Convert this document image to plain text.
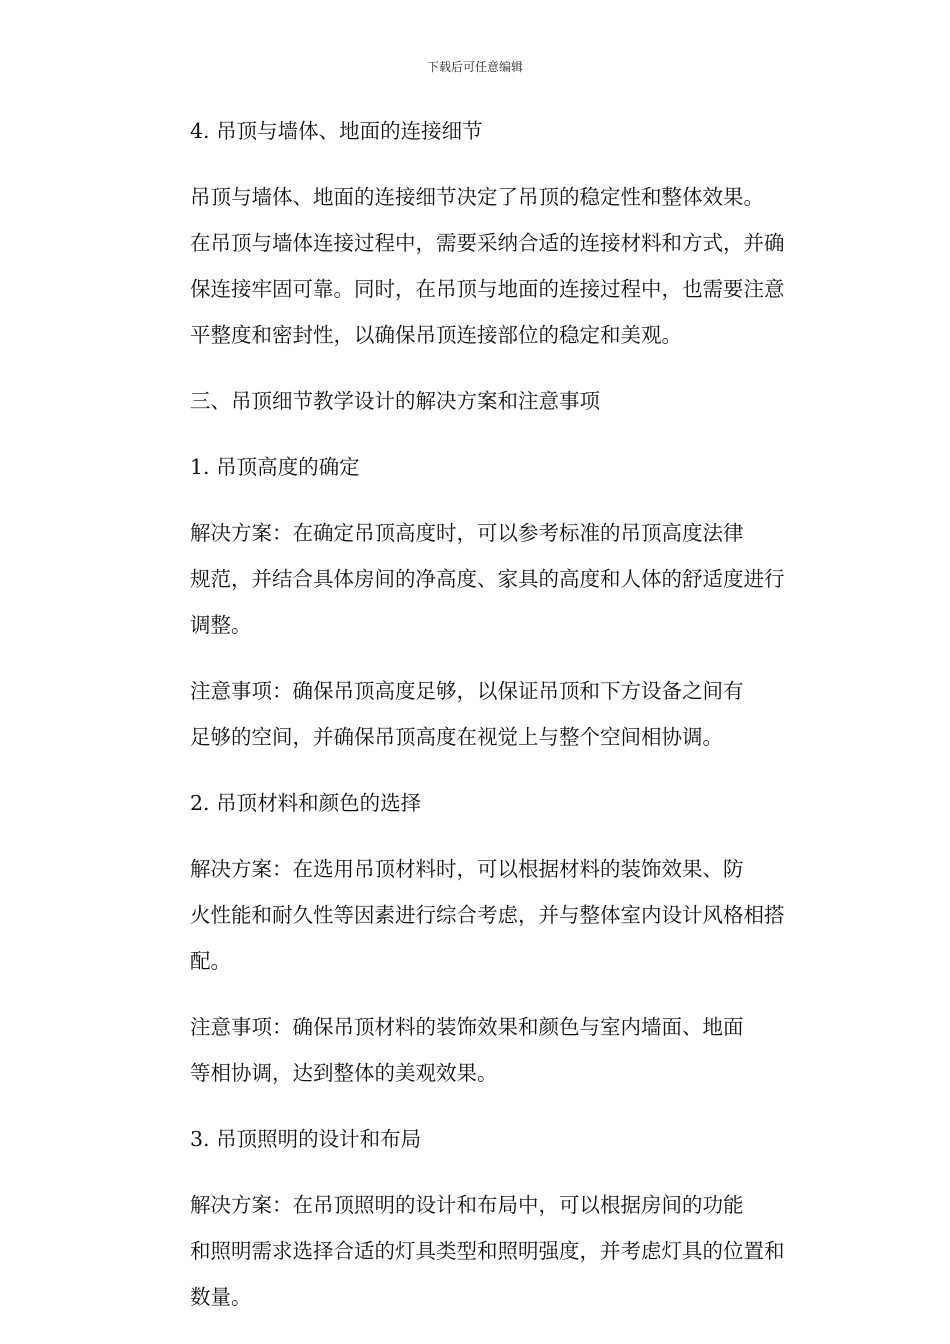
下载后可任意编辑
4. 吊顶与墙体、地面的连接细节
吊顶与墙体、地面的连接细节决定了吊顶的稳定性和整体效果。
在吊顶与墙体连接过程中，需要采纳合适的连接材料和方式，并确
保连接牢固可靠。同时，在吊顶与地面的连接过程中，也需要注意
平整度和密封性，以确保吊顶连接部位的稳定和美观。
三、吊顶细节教学设计的解决方案和注意事项
1. 吊顶高度的确定
解决方案：在确定吊顶高度时，可以参考标准的吊顶高度法律
规范，并结合具体房间的净高度、家具的高度和人体的舒适度进行
调整。
注意事项：确保吊顶高度足够，以保证吊顶和下方设备之间有
足够的空间，并确保吊顶高度在视觉上与整个空间相协调。
2. 吊顶材料和颜色的选择
解决方案：在选用吊顶材料时，可以根据材料的装饰效果、防
火性能和耐久性等因素进行综合考虑，并与整体室内设计风格相搭
配。
注意事项：确保吊顶材料的装饰效果和颜色与室内墙面、地面
等相协调，达到整体的美观效果。
3. 吊顶照明的设计和布局
解决方案：在吊顶照明的设计和布局中，可以根据房间的功能
和照明需求选择合适的灯具类型和照明强度，并考虑灯具的位置和
数量。
